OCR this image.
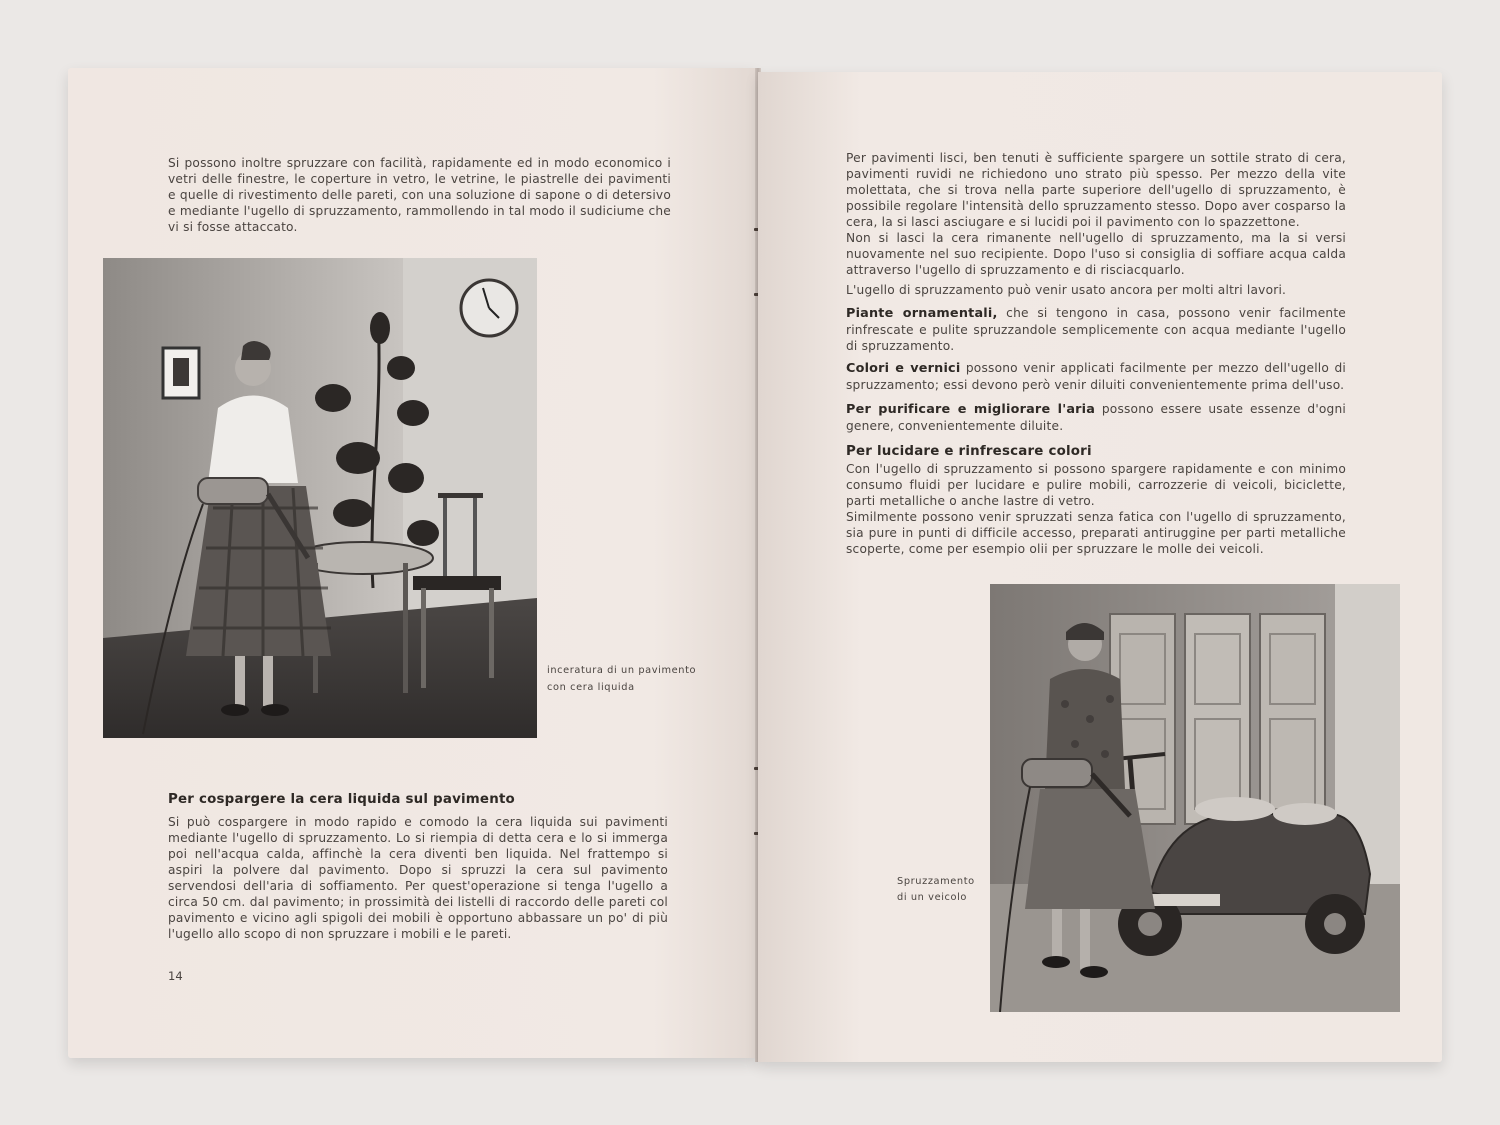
Si possono inoltre spruzzare con facilità, rapidamente ed in modo economico i vetri delle finestre, le coperture in vetro, le vetrine, le piastrelle dei pavimenti e quelle di rivestimento delle pareti, con una soluzione di sapone o di detersivo e mediante l'ugello di spruzzamento, rammollendo in tal modo il sudiciume che vi si fosse attaccato.

inceratura di un pavimento
con cera liquida
Per cospargere la cera liquida sul pavimento

Si può cospargere in modo rapido e comodo la cera liquida sui pavimenti mediante l'ugello di spruzzamento. Lo si riempia di detta cera e lo si immerga poi nell'acqua calda, affinchè la cera diventi ben liquida. Nel frattempo si aspiri la polvere dal pavimento. Dopo si spruzzi la cera sul pavimento servendosi dell'aria di soffiamento. Per quest'operazione si tenga l'ugello a circa 50 cm. dal pavimento; in prossimità dei listelli di raccordo delle pareti col pavimento e vicino agli spigoli dei mobili è opportuno abbassare un po' di più l'ugello allo scopo di non spruzzare i mobili e le pareti.

14

Per pavimenti lisci, ben tenuti è sufficiente spargere un sottile strato di cera, pavimenti ruvidi ne richiedono uno strato più spesso. Per mezzo della vite molettata, che si trova nella parte superiore dell'ugello di spruzzamento, è possibile regolare l'intensità dello spruzzamento stesso. Dopo aver cosparso la cera, la si lasci asciugare e si lucidi poi il pavimento con lo spazzettone.

Non si lasci la cera rimanente nell'ugello di spruzzamento, ma la si versi nuovamente nel suo recipiente. Dopo l'uso si consiglia di soffiare acqua calda attraverso l'ugello di spruzzamento e di risciacquarlo.

L'ugello di spruzzamento può venir usato ancora per molti altri lavori.

Piante ornamentali, che si tengono in casa, possono venir facilmente rinfrescate e pulite spruzzandole semplicemente con acqua mediante l'ugello di spruzzamento.

Colori e vernici possono venir applicati facilmente per mezzo dell'ugello di spruzzamento; essi devono però venir diluiti convenientemente prima dell'uso.

Per purificare e migliorare l'aria possono essere usate essenze d'ogni genere, convenientemente diluite.

Per lucidare e rinfrescare colori

Con l'ugello di spruzzamento si possono spargere rapidamente e con minimo consumo fluidi per lucidare e pulire mobili, carrozzerie di veicoli, biciclette, parti metalliche o anche lastre di vetro.

Similmente possono venir spruzzati senza fatica con l'ugello di spruzzamento, sia pure in punti di difficile accesso, preparati antiruggine per parti metalliche scoperte, come per esempio olii per spruzzare le molle dei veicoli.

Spruzzamento
di un veicolo
